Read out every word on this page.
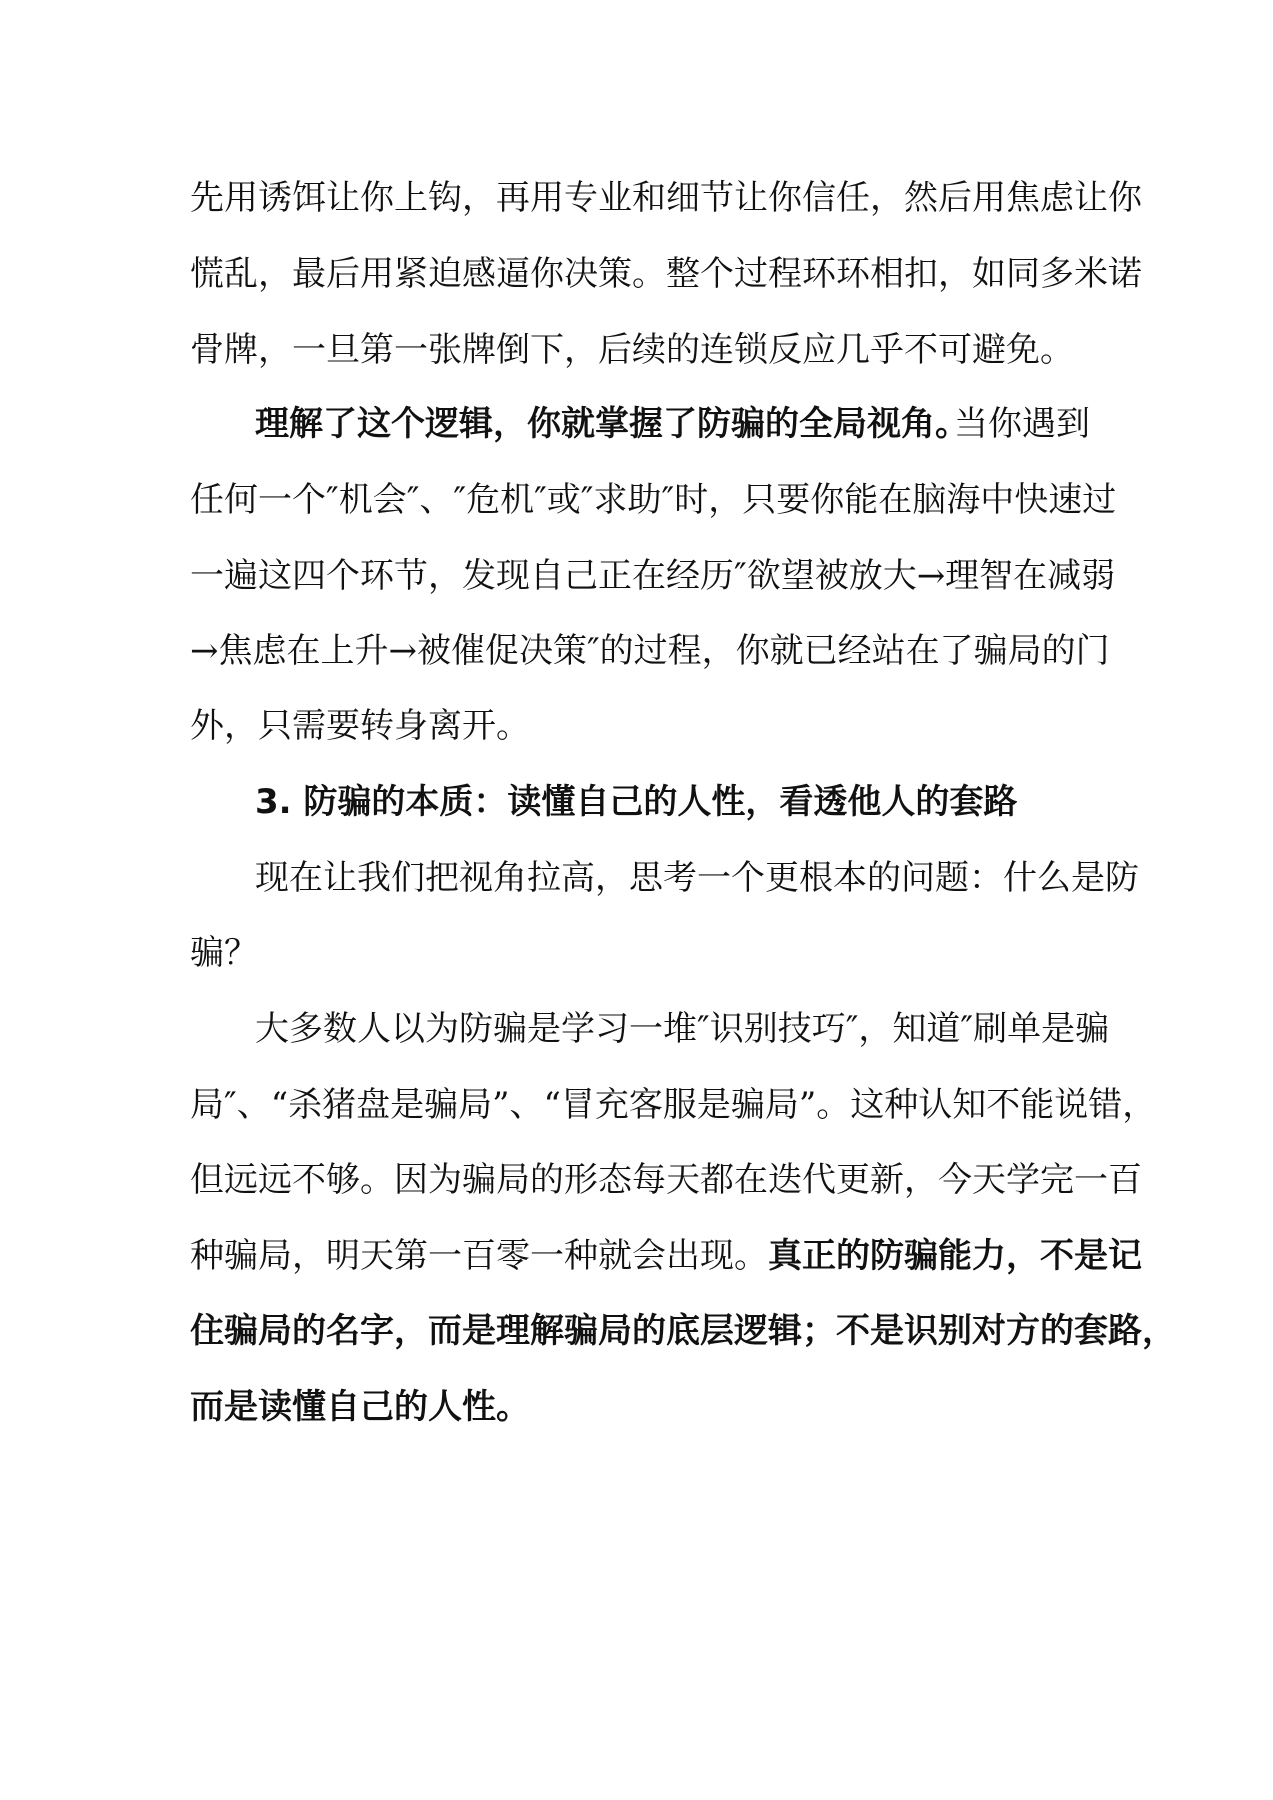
先用诱饵让你上钩，再用专业和细节让你信任，然后用焦虑让你
慌乱，最后用紧迫感逼你决策。整个过程环环相扣，如同多米诺
骨牌，一旦第一张牌倒下，后续的连锁反应几乎不可避免。
理解了这个逻辑，你就掌握了防骗的全局视角。
当你遇到
任何一个″机会″、″危机″或″求助″时，只要你能在脑海中快速过
一遍这四个环节，发现自己正在经历″欲望被放大→理智在减弱
→焦虑在上升→被催促决策″的过程，你就已经站在了骗局的门
外，只需要转身离开。
3. 防骗的本质：读懂自己的人性，看透他人的套路
现在让我们把视角拉高，思考一个更根本的问题：什么是防
骗？
大多数人以为防骗是学习一堆″识别技巧″，知道″刷单是骗
局″、“杀猪盘是骗局”、“冒充客服是骗局”。这种认知不能说错，
但远远不够。因为骗局的形态每天都在迭代更新，今天学完一百
种骗局，明天第一百零一种就会出现。真正的防骗能力，不是记
住骗局的名字，而是理解骗局的底层逻辑；不是识别对方的套路，
而是读懂自己的人性。
